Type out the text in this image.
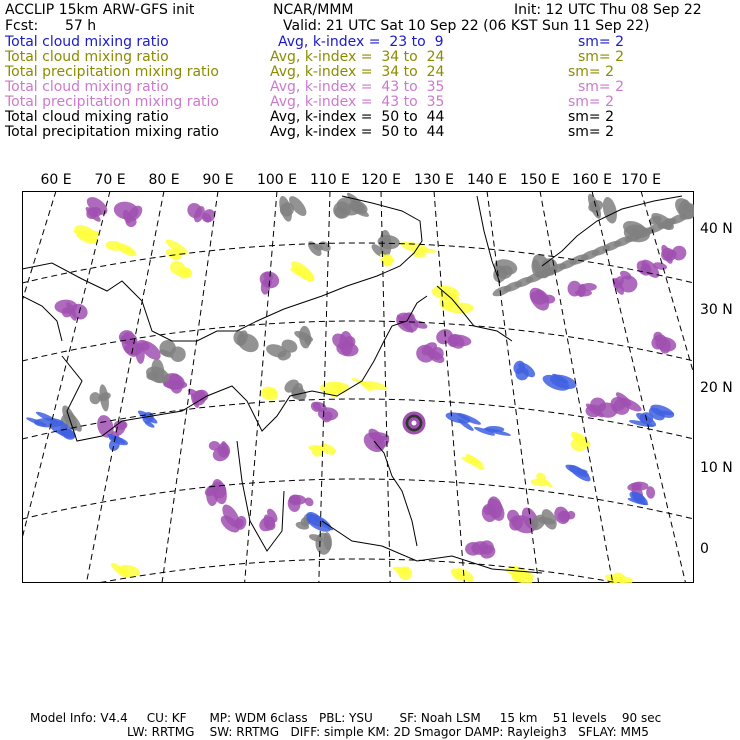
ACCLIP 15km ARW-GFS init	NCAR/MMM	Init: 12 UTC Thu 08 Sep 22
Fcst: 57 h	Valid: 21 UTC Sat 10 Sep 22 (06 KST Sun 11 Sep 22)
Total cloud mixing ratio	Avg, k-index =  23 to  9	sm= 2
Total cloud mixing ratio	Avg, k-index =  34 to  24	sm= 2
Total precipitation mixing ratio	Avg, k-index =  34 to  24	sm= 2
Total cloud mixing ratio	Avg, k-index =  43 to  35	sm= 2
Total precipitation mixing ratio	Avg, k-index =  43 to  35	sm= 2
Total cloud mixing ratio	Avg, k-index =  50 to  44	sm= 2
Total precipitation mixing ratio	Avg, k-index =  50 to  44	sm= 2
60 E 70 E 80 E 90 E 100 E 110 E 120 E 130 E 140 E 150 E 160 E 170 E
40 N
30 N
20 N
10 N
0
Model Info: V4.4     CU: KF      MP: WDM 6class   PBL: YSU       SF: Noah LSM     15 km    51 levels    90 sec
LW: RRTMG    SW: RRTMG   DIFF: simple KM: 2D Smagor DAMP: Rayleigh3   SFLAY: MM5
